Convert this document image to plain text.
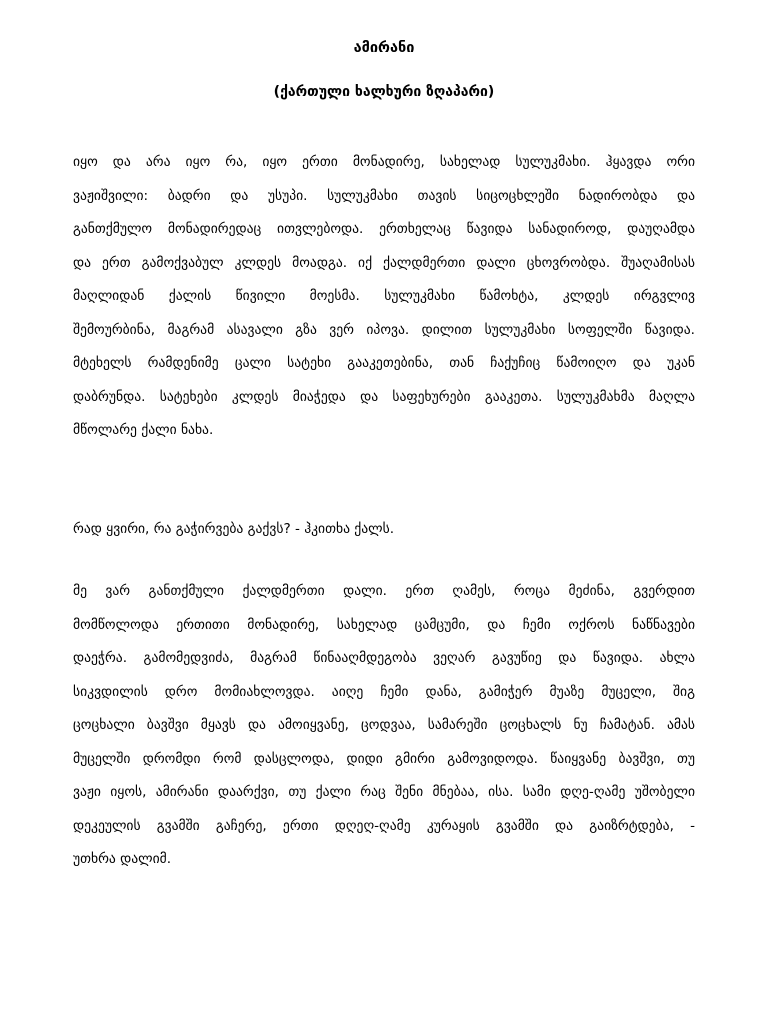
ამირანი
(ქართული ხალხური ზღაპარი)
იყო და არა იყო რა, იყო ერთი მონადირე, სახელად სულუკმახი. ჰყავდა ორი
ვაჟიშვილი: ბადრი და უსუპი. სულუკმახი თავის სიცოცხლეში ნადირობდა და
განთქმულო მონადირედაც ითვლებოდა. ერთხელაც წავიდა სანადიროდ, დაუღამდა
და ერთ გამოქვაბულ კლდეს მოადგა. იქ ქალდმერთი დალი ცხოვრობდა. შუაღამისას
მაღლიდან ქალის წივილი მოესმა. სულუკმახი წამოხტა, კლდეს ირგვლივ
შემოურბინა, მაგრამ ასავალი გზა ვერ იპოვა. დილით სულუკმახი სოფელში წავიდა.
მტეხელს რამდენიმე ცალი სატეხი გააკეთებინა, თან ჩაქუჩიც წამოიღო და უკან
დაბრუნდა. სატეხები კლდეს მიაჭედა და საფეხურები გააკეთა. სულუკმახმა მაღლა
მწოლარე ქალი ნახა.
რად ყვირი, რა გაჭირვება გაქვს? - ჰკითხა ქალს.
მე ვარ განთქმული ქალდმერთი დალი. ერთ ღამეს, როცა მეძინა, გვერდით
მომწოლოდა ერთითი მონადირე, სახელად ცამცუმი, და ჩემი ოქროს ნაწნავები
დაეჭრა. გამომედვიძა, მაგრამ წინააღმდეგობა ვეღარ გავუწიე და წავიდა. ახლა
სიკვდილის დრო მომიახლოვდა. აიღე ჩემი დანა, გამიჭერ მუაზე მუცელი, შიგ
ცოცხალი ბავშვი მყავს და ამოიყვანე, ცოდვაა, სამარეში ცოცხალს ნუ ჩამატან. ამას
მუცელში დრომდი რომ დასცლოდა, დიდი გმირი გამოვიდოდა. წაიყვანე ბავშვი, თუ
ვაჟი იყოს, ამირანი დაარქვი, თუ ქალი რაც შენი მნებაა, ისა. სამი დღე-ღამე უშობელი
დეკეულის გვამში გაჩერე, ერთი დღეღ-ღამე კურაყის გვამში და გაიზრტდება, -
უთხრა დალიმ.
